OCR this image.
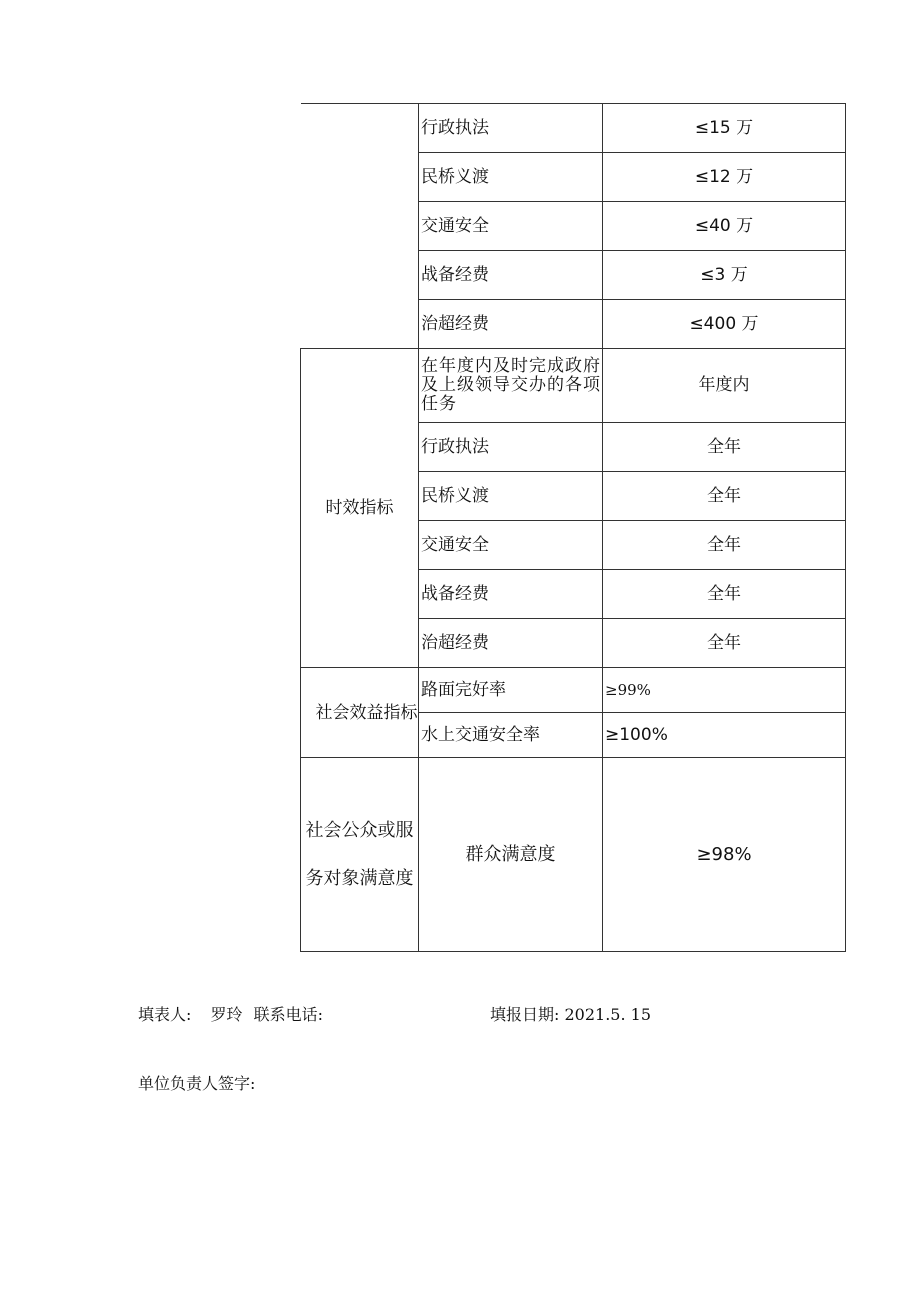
	行政执法	≤15 万
	民桥义渡	≤12 万
	交通安全	≤40 万
	战备经费	≤3 万
	治超经费	≤400 万
时效指标	在年度内及时完成政府及上级领导交办的各项任务	年度内
	行政执法	全年
	民桥义渡	全年
	交通安全	全年
	战备经费	全年
	治超经费	全年
社会效益指标	路面完好率	≥99%
	水上交通安全率	≥100%
社会公众或服务对象满意度	群众满意度	≥98%
填表人: 罗玲 联系电话:	填报日期: 2021.5. 15
单位负责人签字:
